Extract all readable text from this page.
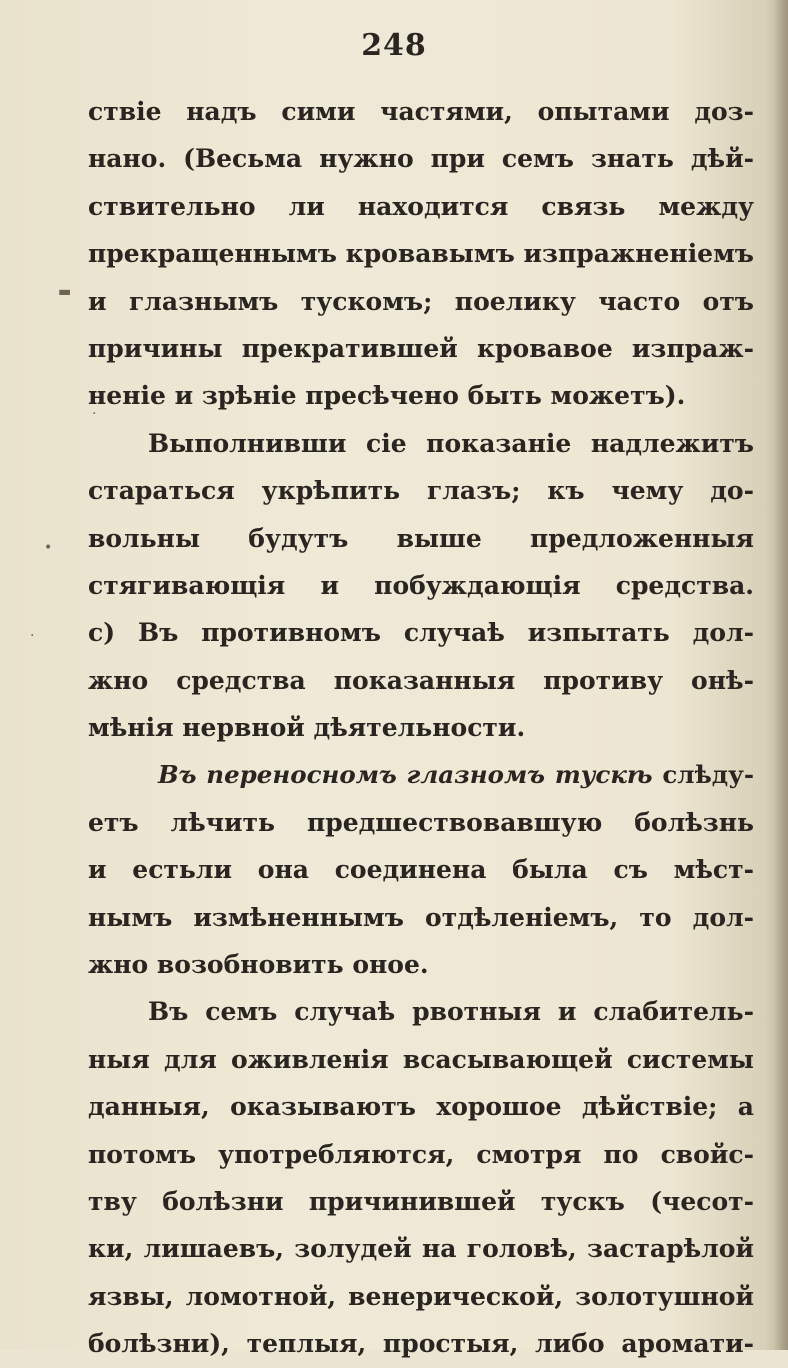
248
ствіе надъ сими частями, опытами доз-
нано. (Весьма нужно при семъ знать дѣй-
ствительно ли находится связь между
прекращеннымъ кровавымъ изпражненіемъ
и глазнымъ тускомъ; поелику часто отъ
причины прекратившей кровавое изпраж-
неніе и зрѣніе пресѣчено быть можетъ).
Выполнивши сіе показаніе надлежитъ
стараться укрѣпить глазъ; къ чему до-
вольны будутъ выше предложенныя
стягивающія и побуждающія средства.
с) Въ противномъ случаѣ изпытать дол-
жно средства показанныя противу онѣ-
мѣнія нервной дѣятельности.
Въ переносномъ глазномъ тускѣ слѣду-
етъ лѣчить предшествовавшую болѣзнь
и естьли она соединена была съ мѣст-
нымъ измѣненнымъ отдѣленіемъ, то дол-
жно возобновить оное.
Въ семъ случаѣ рвотныя и слабитель-
ныя для оживленія всасывающей системы
данныя, оказываютъ хорошое дѣйствіе; а
потомъ употребляются, смотря по свойс-
тву болѣзни причинившей тускъ (чесот-
ки, лишаевъ, золудей на головѣ, застарѣлой
язвы, ломотной, венерической, золотушной
болѣзни), теплыя, простыя, либо аромати-
▬
•
·
·
